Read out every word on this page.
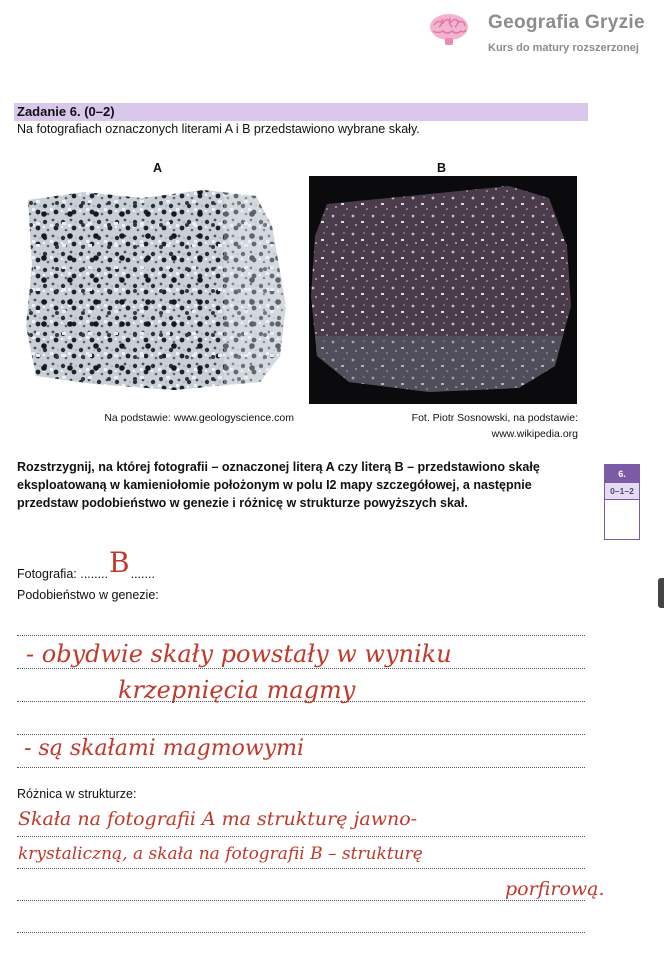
Geografia Gryzie
Kurs do matury rozszerzonej
Zadanie 6. (0–2)
Na fotografiach oznaczonych literami A i B przedstawiono wybrane skały.
A	B
Na podstawie: www.geologyscience.com	Fot. Piotr Sosnowski, na podstawie:
www.wikipedia.org
Rozstrzygnij, na której fotografii – oznaczonej literą A czy literą B – przedstawiono skałę eksploatowaną w kamieniołomie położonym w polu I2 mapy szczegółowej, a następnie przedstaw podobieństwo w genezie i różnicę w strukturze powyższych skał.
6.
0–1–2
Fotografia: ........B.......
Podobieństwo w genezie:
- obydwie skały powstały w wyniku
krzepnięcia magmy
- są skałami magmowymi
Różnica w strukturze:
Skała na fotografii A ma strukturę jawno-
krystaliczną, a skała na fotografii B – strukturę
porfirową.
